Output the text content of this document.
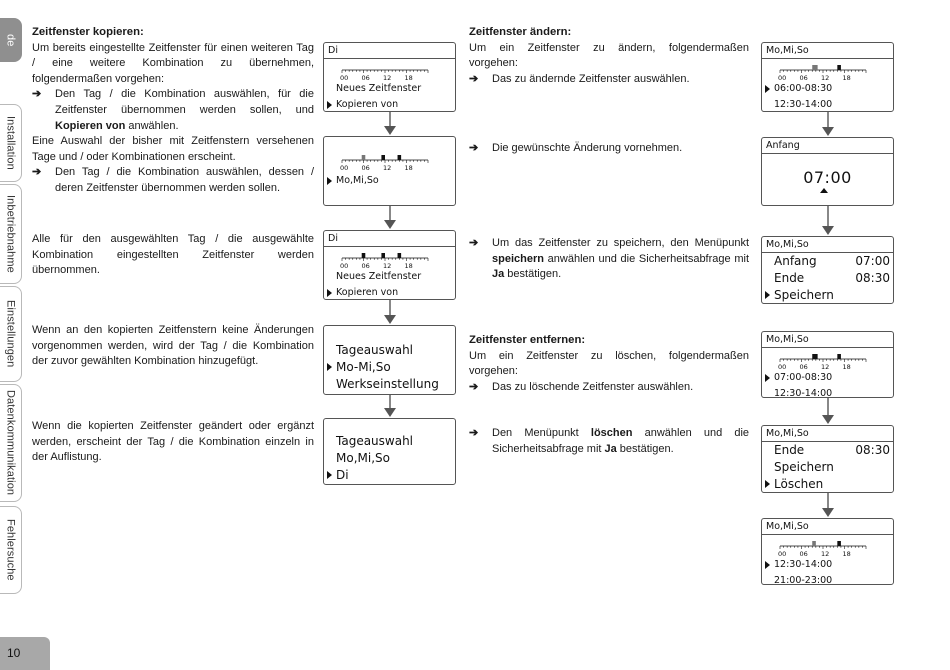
de
Installation
Inbetriebnahme
Einstellungen
Datenkommunikation
Fehlersuche
10

Zeitfenster kopieren:

Um bereits eingestellte Zeitfenster für einen weiteren Tag / eine weitere Kombination zu übernehmen, folgendermaßen vorgehen:

➔	Den Tag / die Kombination auswählen, für die Zeitfenster übernommen werden sollen, und Kopieren von anwählen.

Eine Auswahl der bisher mit Zeitfenstern versehenen Tage und / oder Kombinationen erscheint.

➔	Den Tag / die Kombination auswählen, dessen / deren Zeitfenster übernommen werden sollen.
Alle für den ausgewählten Tag / die ausgewählte Kombination eingestellten Zeitfenster werden übernommen.
Wenn an den kopierten Zeitfenstern keine Änderungen vorgenommen werden, wird der Tag / die Kombination der zuvor gewählten Kombination hinzugefügt.
Wenn die kopierten Zeitfenster geändert oder ergänzt werden, erscheint der Tag / die Kombination einzeln in der Auflistung.
Di
00 06 12 18
Neues Zeitfenster
Kopieren von
00 06 12 18
Mo,Mi,So
Di
00 06 12 18
Neues Zeitfenster
Kopieren von
Tageauswahl
Mo-Mi,So
Werkseinstellung
Tageauswahl
Mo,Mi,So
Di

Zeitfenster ändern:

Um ein Zeitfenster zu ändern, folgendermaßen vorgehen:

➔	Das zu ändernde Zeitfenster auswählen.
➔	Die gewünschte Änderung vornehmen.
➔	Um das Zeitfenster zu speichern, den Menüpunkt speichern anwählen und die Sicherheitsabfrage mit Ja bestätigen.

Zeitfenster entfernen:

Um ein Zeitfenster zu löschen, folgendermaßen vorgehen:

➔	Das zu löschende Zeitfenster auswählen.
➔	Den Menüpunkt löschen anwählen und die Sicherheitsabfrage mit Ja bestätigen.
Mo,Mi,So
00 06 12 18
06:00-08:30
12:30-14:00
Anfang
07:00
Mo,Mi,So
Anfang	07:00
Ende	08:30
Speichern
Mo,Mi,So
00 06 12 18
07:00-08:30
12:30-14:00
Mo,Mi,So
Ende	08:30
Speichern
Löschen
Mo,Mi,So
00 06 12 18
12:30-14:00
21:00-23:00
